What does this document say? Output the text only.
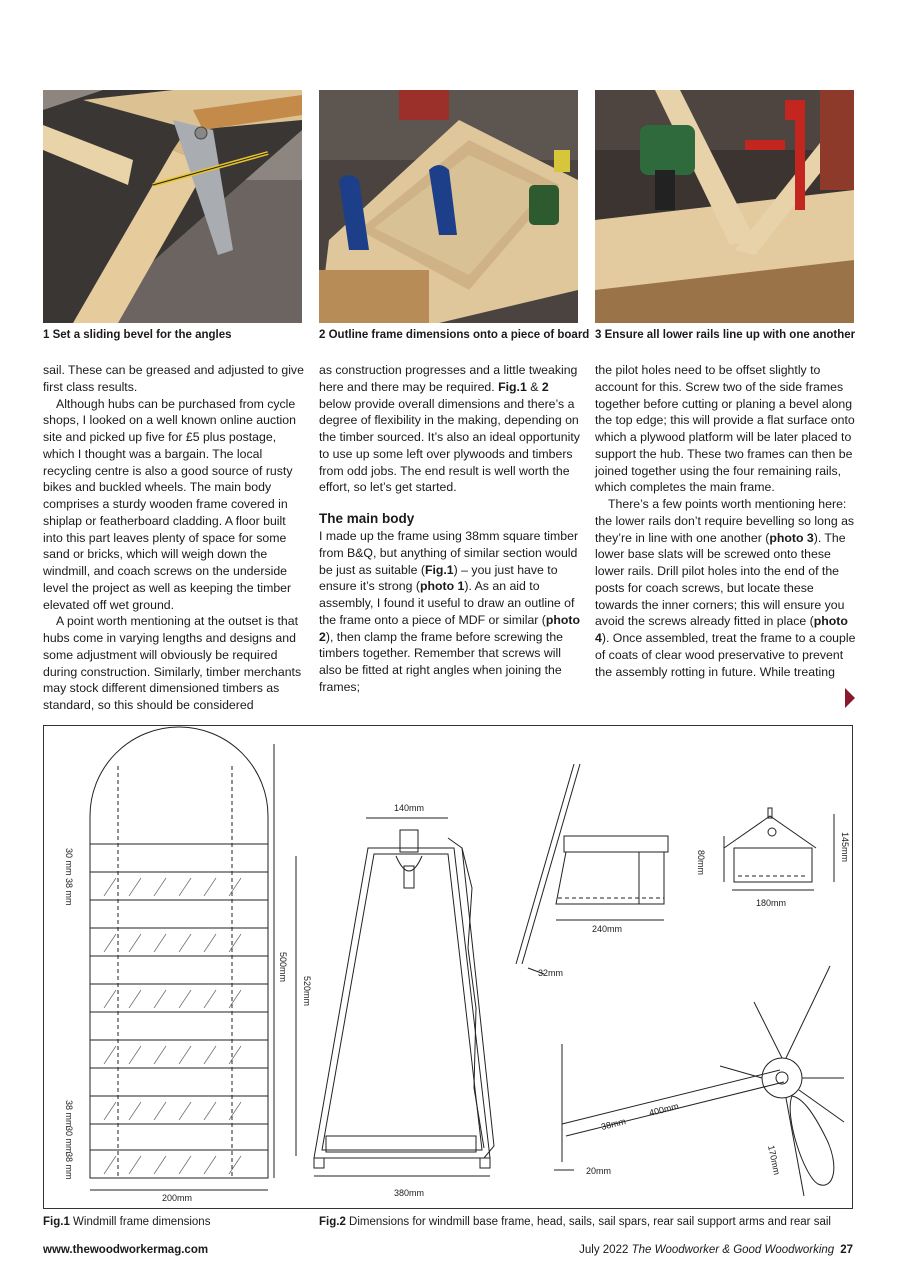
1 Set a sliding bevel for the angles	2 Outline frame dimensions onto a piece of board 3 Ensure all lower rails line up with one another

sail. These can be greased and adjusted to give first class results.

Although hubs can be purchased from cycle shops, I looked on a well known online auction site and picked up five for £5 plus postage, which I thought was a bargain. The local recycling centre is also a good source of rusty bikes and buckled wheels. The main body comprises a sturdy wooden frame covered in shiplap or featherboard cladding. A floor built into this part leaves plenty of space for some sand or bricks, which will weigh down the windmill, and coach screws on the underside level the project as well as keeping the timber elevated off wet ground.

A point worth mentioning at the outset is that hubs come in varying lengths and designs and some adjustment will obviously be required during construction. Similarly, timber merchants may stock different dimensioned timbers as standard, so this should be considered

as construction progresses and a little tweaking here and there may be required. Fig.1 & 2 below provide overall dimensions and there’s a degree of flexibility in the making, depending on the timber sourced. It’s also an ideal opportunity to use up some left over plywoods and timbers from odd jobs. The end result is well worth the effort, so let’s get started.

The main body

I made up the frame using 38mm square timber from B&Q, but anything of similar section would be just as suitable (Fig.1) – you just have to ensure it’s strong (photo 1). As an aid to assembly, I found it useful to draw an outline of the frame onto a piece of MDF or similar (photo 2), then clamp the frame before screwing the timbers together. Remember that screws will also be fitted at right angles when joining the frames;

the pilot holes need to be offset slightly to account for this. Screw two of the side frames together before cutting or planing a bevel along the top edge; this will provide a flat surface onto which a plywood platform will be later placed to support the hub. These two frames can then be joined together using the four remaining rails, which completes the main frame.

There’s a few points worth mentioning here: the lower rails don’t require bevelling so long as they’re in line with one another (photo 3). The lower base slats will be screwed onto these lower rails. Drill pilot holes into the end of the posts for coach screws, but locate these towards the inner corners; this will ensure you avoid the screws already fitted in place (photo 4). Once assembled, treat the frame to a couple of coats of clear wood preservative to prevent the assembly rotting in future. While treating

30 mm
38 mm
500mm
200mm
38 mm
30 mm
38 mm
140mm
520mm
380mm
240mm
80mm
32mm
180mm
145mm
38mm
400mm
170mm
20mm
Fig.1 Windmill frame dimensions	Fig.2 Dimensions for windmill base frame, head, sails, sail spars, rear sail support arms and rear sail
www.thewoodworkermag.com	July 2022 The Woodworker & Good Woodworking 27
